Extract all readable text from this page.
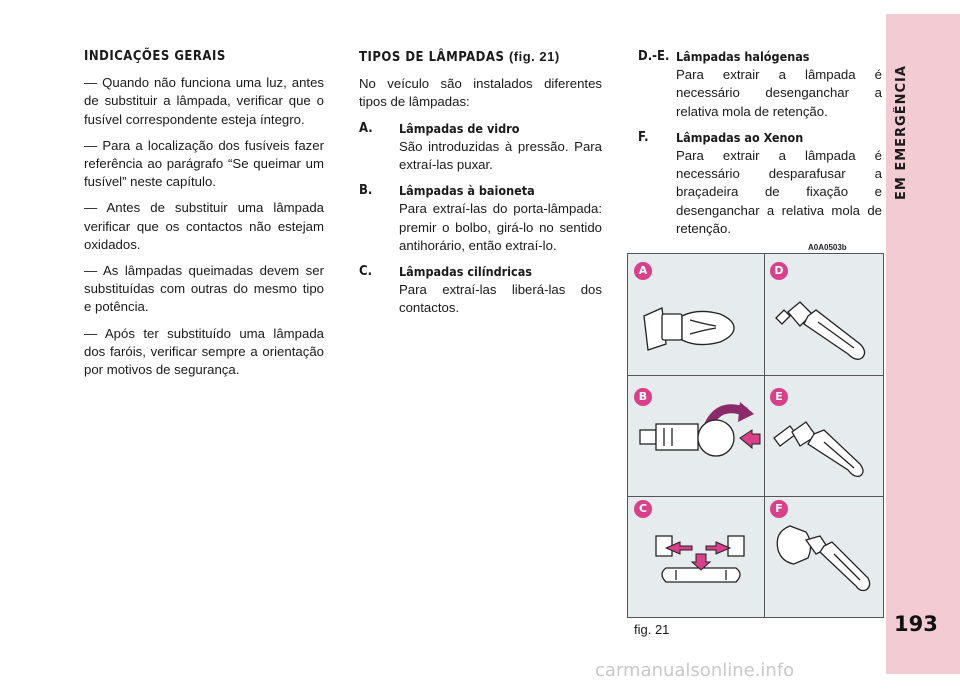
EM EMERGÊNCIA
193
INDICAÇÕES GERAIS

— Quando não funciona uma luz, antes de substituir a lâmpada, verificar que o fusível correspondente esteja íntegro.

— Para a localização dos fusíveis fazer referência ao parágrafo “Se queimar um fusível” neste capítulo.

— Antes de substituir uma lâmpada verificar que os contactos não estejam oxidados.

— As lâmpadas queimadas devem ser substituídas com outras do mesmo tipo e potência.

— Após ter substituído uma lâmpada dos faróis, verificar sempre a orientação por motivos de segurança.

TIPOS DE LÂMPADAS (fig. 21)

No veículo são instalados diferentes tipos de lâmpadas:

A.	Lâmpadas de vidro
São introduzidas à pressão. Para extraí-las puxar.
B.	Lâmpadas à baioneta
Para extraí-las do porta-lâmpada: premir o bolbo, girá-lo no sentido antihorário, então extraí-lo.
C.	Lâmpadas cilíndricas
Para extraí-las liberá-las dos contactos.
D.-E. Lâmpadas halógenas
Para extrair a lâmpada é necessário desenganchar a relativa mola de retenção.
F.	Lâmpadas ao Xenon
Para extrair a lâmpada é necessário desparafusar a braçadeira de fixação e desenganchar a relativa mola de retenção.
A0A0503b
A	D
B	E
C	F
fig. 21
carmanualsonline.info
